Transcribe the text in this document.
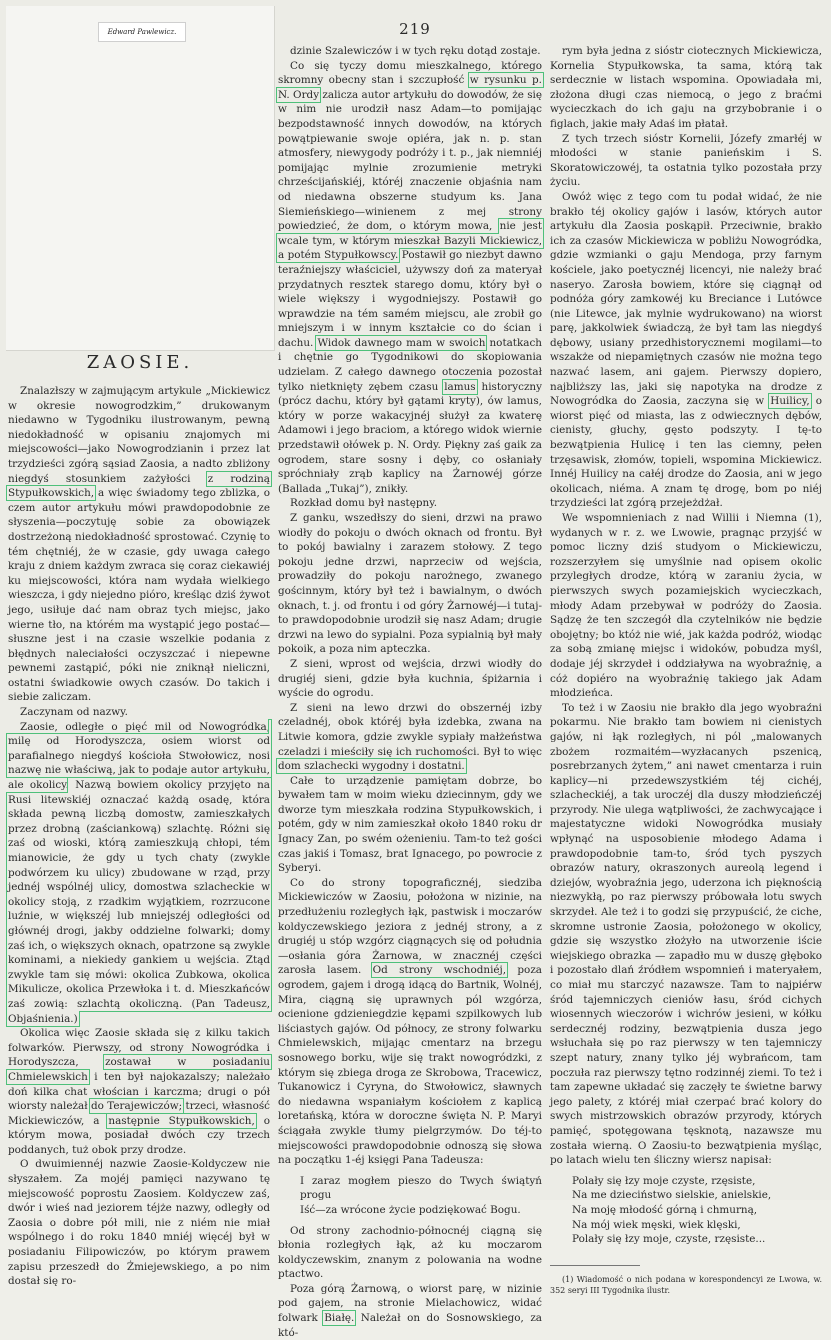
219
Edward Pawlewicz.
ZAOSIE.

Znalazłszy w zajmującym artykule „Mickiewicz w okresie nowogrodzkim,” drukowanym niedawno w Tygodniku ilustrowanym, pewną niedokładność w opisaniu znajomych mi miejscowości—jako Nowogrodzianin i przez lat trzydzieści zgórą sąsiad Zaosia, a nadto zbliżony niegdyś stosunkiem zażyłości z rodziną Stypułkowskich, a więc świadomy tego zblizka, o czem autor artykułu mówi prawdopodobnie ze słyszenia—poczytuję sobie za obowiązek dostrzeżoną niedokładność sprostować. Czynię to tém chętniéj, że w czasie, gdy uwaga całego kraju z dniem każdym zwraca się coraz ciekawiéj ku miejscowości, która nam wydała wielkiego wieszcza, i gdy niejedno pióro, kreśląc dziś żywot jego, usiłuje dać nam obraz tych miejsc, jako wierne tło, na którém ma wystąpić jego postać—słuszne jest i na czasie wszelkie podania z błędnych naleciałości oczyszczać i niepewne pewnemi zastąpić, póki nie zniknął nieliczni, ostatni świadkowie owych czasów. Do takich i siebie zaliczam.

Zaczynam od nazwy.

Zaosie, odległe o pięć mil od Nowogródka, milę od Horodyszcza, osiem wiorst od parafialnego niegdyś kościoła Stwołowicz, nosi nazwę nie właściwą, jak to podaje autor artykułu, ale okolicy. Nazwą bowiem okolicy przyjęto na Rusi litewskiéj oznaczać każdą osadę, która składa pewną liczbą domostw, zamieszkałych przez drobną (zaściankową) szlachtę. Różni się zaś od wioski, którą zamieszkują chłopi, tém mianowicie, że gdy u tych chaty (zwykle podwórzem ku ulicy) zbudowane w rząd, przy jednéj wspólnéj ulicy, domostwa szlacheckie w okolicy stoją, z rzadkim wyjątkiem, rozrzucone luźnie, w większéj lub mniejszéj odległości od głównéj drogi, jakby oddzielne folwarki; domy zaś ich, o większych oknach, opatrzone są zwykle kominami, a niekiedy gankiem u wejścia. Ztąd zwykle tam się mówi: okolica Zubkowa, okolica Mikulicze, okolica Przewłoka i t. d. Mieszkańców zaś zowią: szlachtą okoliczną. (Pan Tadeusz, Objaśnienia.)

Okolica więc Zaosie składa się z kilku takich folwarków. Pierwszy, od strony Nowogródka i Horodyszcza, zostawał w posiadaniu Chmielewskich i ten był najokazalszy; należało doń kilka chat włościan i karczma; drugi o pół wiorsty należał do Terajewiczów; trzeci, własność Mickiewiczów, a następnie Stypułkowskich, o którym mowa, posiadał dwóch czy trzech poddanych, tuż obok przy drodze.

O dwuimiennéj nazwie Zaosie-Koldyczew nie słyszałem. Za mojéj pamięci nazywano tę miejscowość poprostu Zaosiem. Koldyczew zaś, dwór i wieś nad jeziorem téjże nazwy, odległy od Zaosia o dobre pół mili, nie z niém nie miał wspólnego i do roku 1840 mniéj więcéj był w posiadaniu Filipowiczów, po którym prawem zapisu przeszedł do Żmiejewskiego, a po nim dostał się ro-

dzinie Szalewiczów i w tych ręku dotąd zostaje.

Co się tyczy domu mieszkalnego, którego skromny obecny stan i szczupłość w rysunku p. N. Ordy zalicza autor artykułu do dowodów, że się w nim nie urodził nasz Adam—to pomijając bezpodstawność innych dowodów, na których powątpiewanie swoje opiéra, jak n. p. stan atmosfery, niewygody podróży i t. p., jak niemniéj pomijając mylnie zrozumienie metryki chrześcijańskiéj, któréj znaczenie objaśnia nam od niedawna obszerne studyum ks. Jana Siemieńskiego—winienem z mej strony powiedzieć, że dom, o którym mowa, nie jest wcale tym, w którym mieszkał Bazyli Mickiewicz, a potém Stypułkowscy. Postawił go niezbyt dawno teraźniejszy właściciel, używszy doń za materyał przydatnych resztek starego domu, który był o wiele większy i wygodniejszy. Postawił go wprawdzie na tém samém miejscu, ale zrobił go mniejszym i w innym kształcie co do ścian i dachu. Widok dawnego mam w swoich notatkach i chętnie go Tygodnikowi do skopiowania udzielam. Z całego dawnego otoczenia pozostał tylko nietknięty zębem czasu lamus historyczny (prócz dachu, który był gątami kryty), ów lamus, który w porze wakacyjnéj służył za kwaterę Adamowi i jego braciom, a którego widok wiernie przedstawił ołówek p. N. Ordy. Piękny zaś gaik za ogrodem, stare sosny i dęby, co osłaniały spróchniały zrąb kaplicy na Żarnowéj górze (Ballada „Tukaj”), znikły.

Rozkład domu był następny.

Z ganku, wszedłszy do sieni, drzwi na prawo wiodły do pokoju o dwóch oknach od frontu. Był to pokój bawialny i zarazem stołowy. Z tego pokoju jedne drzwi, naprzeciw od wejścia, prowadziły do pokoju narożnego, zwanego gościnnym, który był też i bawialnym, o dwóch oknach, t. j. od frontu i od góry Żarnowéj—i tutaj-to prawdopodobnie urodził się nasz Adam; drugie drzwi na lewo do sypialni. Poza sypialnią był mały pokoik, a poza nim apteczka.

Z sieni, wprost od wejścia, drzwi wiodły do drugiéj sieni, gdzie była kuchnia, śpiżarnia i wyście do ogrodu.

Z sieni na lewo drzwi do obszernéj izby czeladnéj, obok któréj była izdebka, zwana na Litwie komora, gdzie zwykle sypiały małżeństwa czeladzi i mieściły się ich ruchomości. Był to więc dom szlachecki wygodny i dostatni.

Całe to urządzenie pamiętam dobrze, bo bywałem tam w moim wieku dziecinnym, gdy we dworze tym mieszkała rodzina Stypułkowskich, i potém, gdy w nim zamieszkał około 1840 roku dr Ignacy Zan, po swém ożenieniu. Tam-to też gości czas jakiś i Tomasz, brat Ignacego, po powrocie z Syberyi.

Co do strony topograficznéj, siedziba Mickiewiczów w Zaosiu, położona w nizinie, na przedłużeniu rozległych łąk, pastwisk i moczarów koldyczewskiego jeziora z jednéj strony, a z drugiéj u stóp wzgórz ciągnących się od południa—osłania góra Żarnowa, w znacznéj części zarosła lasem. Od strony wschodniéj, poza ogrodem, gajem i drogą idącą do Bartnik, Wolnéj, Mira, ciągną się uprawnych pól wzgórza, ocienione gdzieniegdzie kępami szpilkowych lub liściastych gajów. Od północy, ze strony folwarku Chmielewskich, mijając cmentarz na brzegu sosnowego borku, wije się trakt nowogródzki, z którym się zbiega droga ze Skrobowa, Tracewicz, Tukanowicz i Cyryna, do Stwołowicz, sławnych do niedawna wspaniałym kościołem z kaplicą loretańską, która w doroczne święta N. P. Maryi ściągała zwykle tłumy pielgrzymów. Do téj-to miejscowości prawdopodobnie odnoszą się słowa na początku 1-éj księgi Pana Tadeusza:

I zaraz mogłem pieszo do Twych świątyń progu
Iść—za wrócone życie podziękować Bogu.

Od strony zachodnio-północnéj ciągną się błonia rozległych łąk, aż ku moczarom koldyczewskim, znanym z polowania na wodne ptactwo.

Poza górą Żarnową, o wiorst parę, w nizinie pod gajem, na stronie Mielachowicz, widać folwark Białę. Należał on do Sosnowskiego, za któ-

rym była jedna z sióstr ciotecznych Mickiewicza, Kornelia Stypułkowska, ta sama, którą tak serdecznie w listach wspomina. Opowiadała mi, złożona długi czas niemocą, o jego z braćmi wycieczkach do ich gaju na grzybobranie i o figlach, jakie mały Adaś im płatał.

Z tych trzech sióstr Kornelii, Józefy zmarłéj w młodości w stanie panieńskim i S. Skoratowiczowéj, ta ostatnia tylko pozostała przy życiu.

Owóż więc z tego com tu podał widać, że nie brakło téj okolicy gajów i lasów, których autor artykułu dla Zaosia poskąpił. Przeciwnie, brakło ich za czasów Mickiewicza w pobliżu Nowogródka, gdzie wzmianki o gaju Mendoga, przy farnym kościele, jako poetycznéj licencyi, nie należy brać naseryo. Zarosła bowiem, które się ciągnął od podnóża góry zamkowéj ku Breciance i Lutówce (nie Litewce, jak mylnie wydrukowano) na wiorst parę, jakkolwiek świadczą, że był tam las niegdyś dębowy, usiany przedhistorycznemi mogilami—to wszakże od niepamiętnych czasów nie można tego nazwać lasem, ani gajem. Pierwszy dopiero, najbliższy las, jaki się napotyka na drodze z Nowogródka do Zaosia, zaczyna się w Huilicy, o wiorst pięć od miasta, las z odwiecznych dębów, cienisty, głuchy, gęsto podszyty. I tę-to bezwątpienia Hulicę i ten las ciemny, pełen trzęsawisk, złomów, topieli, wspomina Mickiewicz. Innéj Huilicy na całéj drodze do Zaosia, ani w jego okolicach, niéma. A znam tę drogę, bom po niéj trzydzieści lat zgórą przejeżdżał.

We wspomnieniach z nad Willii i Niemna (1), wydanych w r. z. we Lwowie, pragnąc przyjść w pomoc liczny dziś studyom o Mickiewiczu, rozszerzyłem się umyślnie nad opisem okolic przyległych drodze, którą w zaraniu życia, w pierwszych swych pozamiejskich wycieczkach, młody Adam przebywał w podróży do Zaosia. Sądzę że ten szczegół dla czytelników nie będzie obojętny; bo któż nie wié, jak każda podróż, wiodąc za sobą zmianę miejsc i widoków, pobudza myśl, dodaje jéj skrzydeł i oddziaływa na wyobraźnię, a cóż dopiéro na wyobraźnię takiego jak Adam młodzieńca.

To też i w Zaosiu nie brakło dla jego wyobraźni pokarmu. Nie brakło tam bowiem ni cienistych gajów, ni łąk rozległych, ni pól „malowanych zbożem rozmaitém—wyzłacanych pszenicą, posrebrzanych żytem,” ani nawet cmentarza i ruin kaplicy—ni przedewszystkiém téj cichéj, szlacheckiéj, a tak uroczéj dla duszy młodzieńczéj przyrody. Nie ulega wątpliwości, że zachwycające i majestatyczne widoki Nowogródka musiały wpłynąć na usposobienie młodego Adama i prawdopodobnie tam-to, śród tych pyszych obrazów natury, okraszonych aureolą legend i dziejów, wyobraźnia jego, uderzona ich pięknością niezwykłą, po raz pierwszy próbowała lotu swych skrzydeł. Ale też i to godzi się przypuścić, że ciche, skromne ustronie Zaosia, położonego w okolicy, gdzie się wszystko złożyło na utworzenie iście wiejskiego obrazka — zapadło mu w duszę głęboko i pozostało dlań źródłem wspomnień i materyałem, co miał mu starczyć nazawsze. Tam to najpiérw śród tajemniczych cieniów łasu, śród cichych wiosennych wieczorów i wichrów jesieni, w kółku serdecznéj rodziny, bezwątpienia dusza jego wsłuchała się po raz pierwszy w ten tajemniczy szept natury, znany tylko jéj wybrańcom, tam poczuła raz pierwszy tętno rodzinnéj ziemi. To też i tam zapewne układać się zaczęły te świetne barwy jego palety, z któréj miał czerpać brać kolory do swych mistrzowskich obrazów przyrody, których pamięć, spotęgowana tęsknotą, nazawsze mu została wierną. O Zaosiu-to bezwątpienia myśląc, po latach wielu ten śliczny wiersz napisał:

Polały się łzy moje czyste, rzęsiste,
Na me dzieciństwo sielskie, anielskie,
Na moję młodość górną i chmurną,
Na mój wiek męski, wiek klęski,
Polały się łzy moje, czyste, rzęsiste...

(1) Wiadomość o nich podana w korespondencyi ze Lwowa, w. 352 seryi III Tygodnika ilustr.
